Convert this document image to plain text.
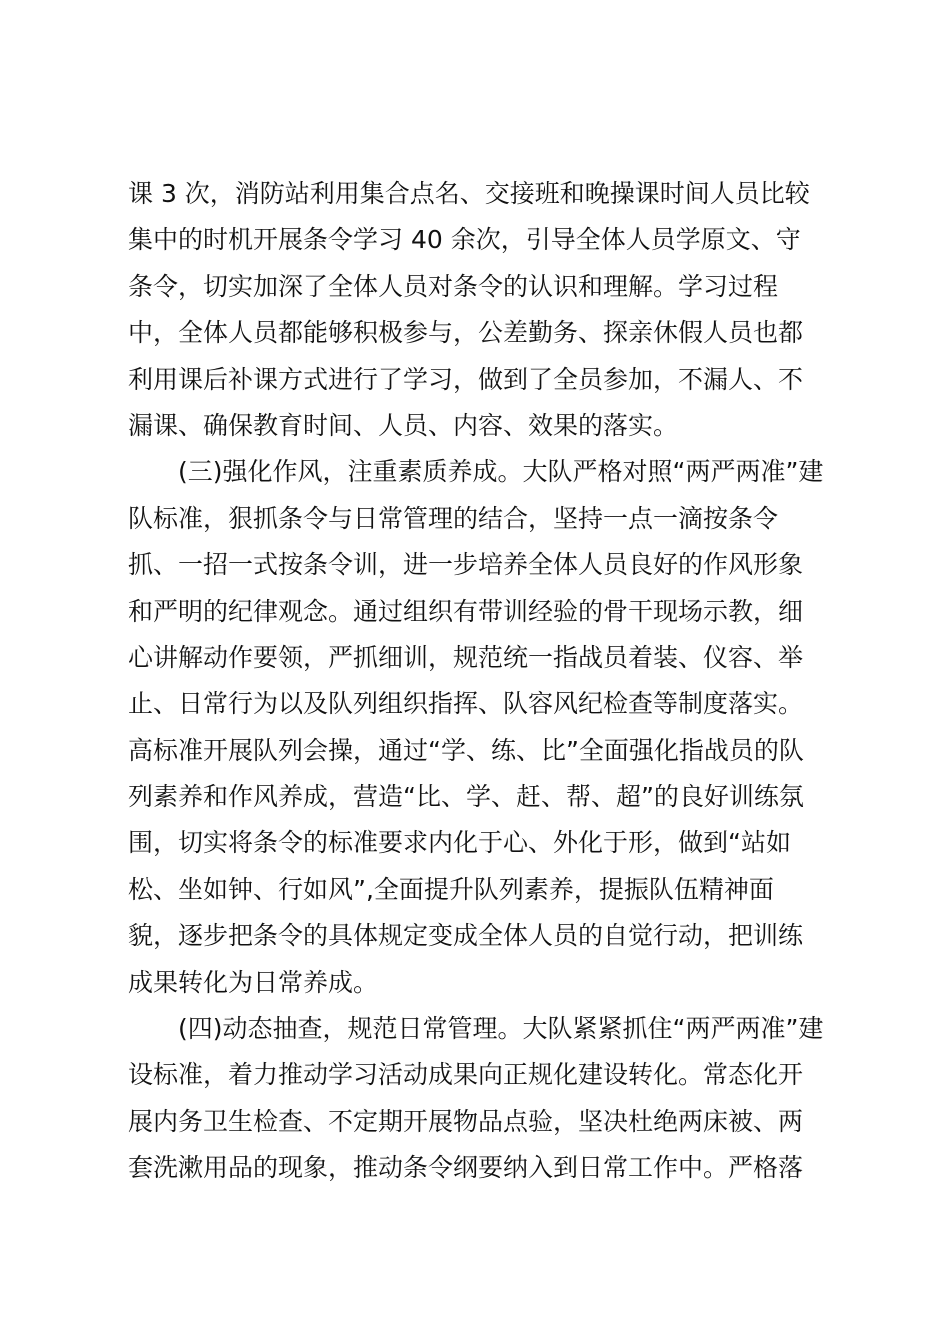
课 3 次，消防站利用集合点名、交接班和晚操课时间人员比较
集中的时机开展条令学习 40 余次，引导全体人员学原文、守
条令，切实加深了全体人员对条令的认识和理解。学习过程
中，全体人员都能够积极参与，公差勤务、探亲休假人员也都
利用课后补课方式进行了学习，做到了全员参加，不漏人、不
漏课、确保教育时间、人员、内容、效果的落实。
(三)强化作风，注重素质养成。大队严格对照“两严两准”建
队标准，狠抓条令与日常管理的结合，坚持一点一滴按条令
抓、一招一式按条令训，进一步培养全体人员良好的作风形象
和严明的纪律观念。通过组织有带训经验的骨干现场示教，细
心讲解动作要领，严抓细训，规范统一指战员着装、仪容、举
止、日常行为以及队列组织指挥、队容风纪检查等制度落实。
高标准开展队列会操，通过“学、练、比”全面强化指战员的队
列素养和作风养成，营造“比、学、赶、帮、超”的良好训练氛
围，切实将条令的标准要求内化于心、外化于形，做到“站如
松、坐如钟、行如风”,全面提升队列素养，提振队伍精神面
貌，逐步把条令的具体规定变成全体人员的自觉行动，把训练
成果转化为日常养成。
(四)动态抽查，规范日常管理。大队紧紧抓住“两严两准”建
设标准，着力推动学习活动成果向正规化建设转化。常态化开
展内务卫生检查、不定期开展物品点验，坚决杜绝两床被、两
套洗漱用品的现象，推动条令纲要纳入到日常工作中。严格落
